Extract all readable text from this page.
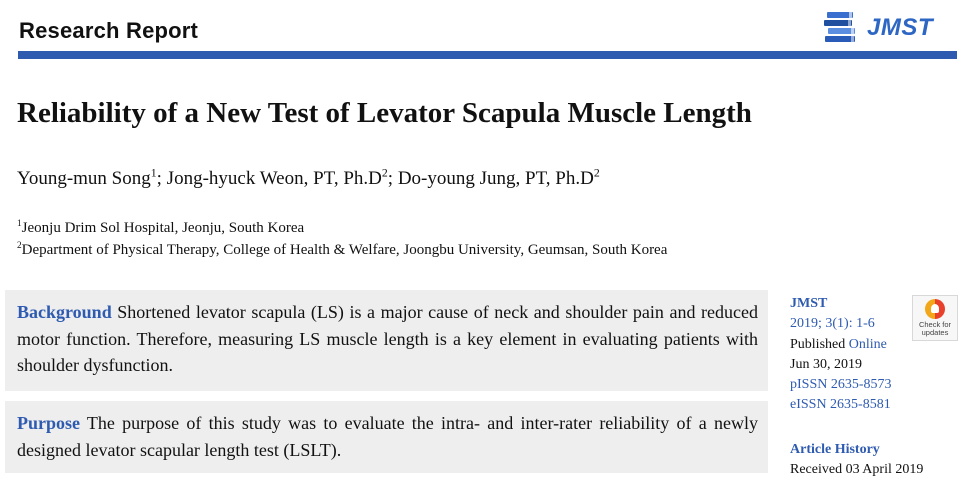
Research Report	JMST
Reliability of a New Test of Levator Scapula Muscle Length
Young-mun Song$^1$; Jong-hyuck Weon, PT, $Ph.D^2$; Do-young Jung, PT, $Ph.D^2$
$^1$Jeonju Drim Sol Hospital, Jeonju, South Korea
$^2$Department of Physical Therapy, College of Health & Welfare, Joongbu University, Geumsan, South Korea
Background Shortened levator scapula (LS) is a major cause of neck and shoulder pain and reduced motor function. Therefore, measuring LS muscle length is a key element in evaluating patients with shoulder dysfunction.
Purpose The purpose of this study was to evaluate the intra- and inter-rater reliability of a newly designed levator scapular length test (LSLT).
JMST
2019; 3(1): 1-6
Published Online
Jun 30, 2019
pISSN 2635-8573
eISSN 2635-8581
Article History
Received 03 April 2019
Check for
updates
